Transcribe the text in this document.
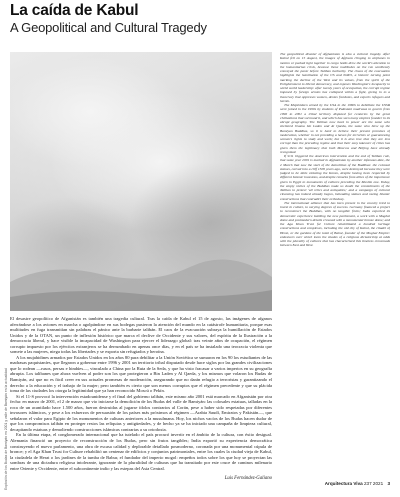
Explosión de los Budas de Bamiyán en 2001 y valle de Bamiyán en la actualidad
La caída de Kabul
A Geopolitical and Cultural Tragedy

El desastre geopolítico de Afganistán es también una tragedia cultural. Tras la caída de Kabul el 15 de agosto, las imágenes de afganos aferrándose a los aviones en marcha o agolpándose en sus bodegas pusieron la atención del mundo en la catástrofe humanitaria, porque esas multitudes en fuga transmitían sin palabras el pánico ante la barbarie talibán. El caos de la evacuación subraya la humillación de Estados Unidos y de la OTAN, un punto de inflexión histórico que marca el declive de Occidente y sus valores, del espíritu de la Ilustración a la democracia liberal, y hace visible la incapacidad de Washington para ejercer el liderazgo global: tras veinte años de ocupación, el régimen corrupto impuesto por los ejércitos extranjeros se ha derrumbado en apenas once días, y en el país se ha instalado una teocracia violenta que somete a las mujeres, niega todas las libertades y se exporta sin refugiados y heroína.

A los mujahidines armados por Estados Unidos en los años 80 para debilitar a la Unión Soviética se sumaron en los 90 los estudiantes de las madrasas paquistaníes, que llegaron a gobernar entre 1996 y 2001 un territorio tribal disputado desde hace siglos por las grandes civilizaciones que lo rodean —rusos, persas e hindúes—, vinculado a China por la Ruta de la Seda, y que ha visto fracasar a varios imperios en su geografía abrupta. Los talibanes que ahora vuelven al poder son los que protegieron a Bin Laden y Al Qaeda, y los mismos que volaron los Budas de Bamiyán, así que no es fácil creer en sus actuales promesas de moderación, asegurando que no darán refugio a terroristas y garantizando el derecho a la educación y el trabajo de la mujer; pero también es cierto que son menos corruptos que el régimen precedente y que su plácida toma de las ciudades los otorga la legitimidad que ya han reconocido Moscú o Pekín.

Si el 11-S provocó la intervención estadounidense y el final del gobierno talibán, este mismo año 2001 está marcado en Afganistán por otra fecha: en marzo de 2001, el 2 de marzo que vio iniciarse la demolición de los Budas del valle de Bamiyán: las colosales estatuas, talladas en la roca de un acantilado hace 1.500 años, fueron destruidas al jugarse ídolos contrarios al Corán, pese a haber sido respetadas por diferentes invasores islámicos, y pese a los esfuerzos de persuasión de los países más próximos al régimen —Arabia Saudí, Emiratos y Pakistán—, que señalaron el valor para Egipto de los monumentos de culturas anteriores a la musulmana. Hoy, los nichos vacíos de los Budas hacen dudar de que los compromisos talibán en proteger restos las reliquias y antigüedades, y de hecho ya se ha iniciado una campaña de limpieza cultural, decapitando estatuas y demoliendo construcciones islámicas contrarias a su ortodoxia.

En la última etapa, el conglomerado internacional que ha tutelado el país procuró invertir en el ámbito de la cultura, con éxito desigual. Alemania financió un proyecto de reconstrucción de los Budas, pero sin frutos tangibles; India exportó su experiencia democrática construyendo el nuevo parlamento, una obra de escasa calidad y deplorable detallado posmoderno, coronada por una monumental cúpula de bronce; y el Aga Khan Trust for Culture rehabilitó un centenar de edificios y conjuntos patrimoniales, entre los cuales la ciudad vieja de Kabul, la ciudadela de Herat o los jardines de la tumba de Babur, el fundador del imperio mogol: empeños todos sobre los que hoy se proyectan las sombras de una dictadura religiosa intolerante, ignorante de la pluralidad de culturas que ha transitado por este cruce de caminos milenario entre Oriente y Occidente, entre el subcontinente indio y las estepas del Asia Central.

Luis Fernández-Galiano

The geopolitical disaster of Afghanistan is also a cultural tragedy. After Kabul fell on 15 August, the images of Afghans clinging to airplanes in motion or packed tight together in cargo holds drew the world's attention to the humanitarian crisis, because those multitudes on the run wordlessly conveyed the panic before Taliban barbarity. The chaos of the evacuation highlights the humiliation of the US and NATO, a historic turning point marking the decline of the West and its values, from the spirit of the Enlightenment to liberal democracy, and exposes Washington's incapacity to wield world leadership: after twenty years of occupation, the corrupt regime imposed by foreign armies has collapsed within a fight, giving in to a theocracy that oppresses women, denies freedoms, and exports refugees and heroin.

The Mujahideen armed by the USA in the 1980s to debilitate the USSR were joined in the 1990s by students of Pakistani madrasas to govern from 1996 to 2001 a tribal territory disputed for centuries by the great civilizations that surround it, and which has seen many empires founder in its abrupt geography. The Taliban now back in power are the same who sheltered Osama bin Laden and Al Qaeda, the same who blew up the Bamiyan Buddhas, so it is hard to believe their present promises of moderation, whether in not providing a haven for terrorists or guaranteeing women's rights to study and work; but it is also true that they are less corrupt than the preceding regime and that their easy takeover of cities has given them the legitimacy that both Moscow and Beijing have already recognized.

If 9/11 triggered the American intervention and the end of Taliban rule, that same year 2001 is marked in Afghanistan by another infamous date, the 2 March that saw the start of the demolition of the Buddhas: the colossal statues, carved into a cliff 1500 years ago, were destroyed because they were judged to be idols violating the Koran, despite having been respected by different Islamic invasions, and despite remarks from allies of the importance given in Egypt to monuments of cultures preceding the Muslim one. Today, the empty niches of the Buddhas make us doubt the commitments of the Taliban to protect 'all relics and antiquities,' and a campaign of cultural cleansing has indeed already begun, beheading statues and razing Islamic constructions that contradict their orthodoxy.

The international alliance that has been present in the country tried to invest in culture, to varying degrees of success. Germany financed a project to reconstruct the Buddhas, with no tangible fruits; India exported its democratic experience building the new parliament, a work with a Mughal dome and postmodern details crowned with a monumental bronze dome; and the Aga Khan Trust for Culture rehabilitated a hundred heritage constructions and complexes, including the old city of Kabul, the citadel of Herat, or the gardens of the tomb of Babur, founder of the Mughal Empire: endeavors over which loom the shades of a religious dictatorship at odds with the plurality of cultures that has characterized this timeless crossroads between East and West.

Arquitectura Viva 237 2021 3
